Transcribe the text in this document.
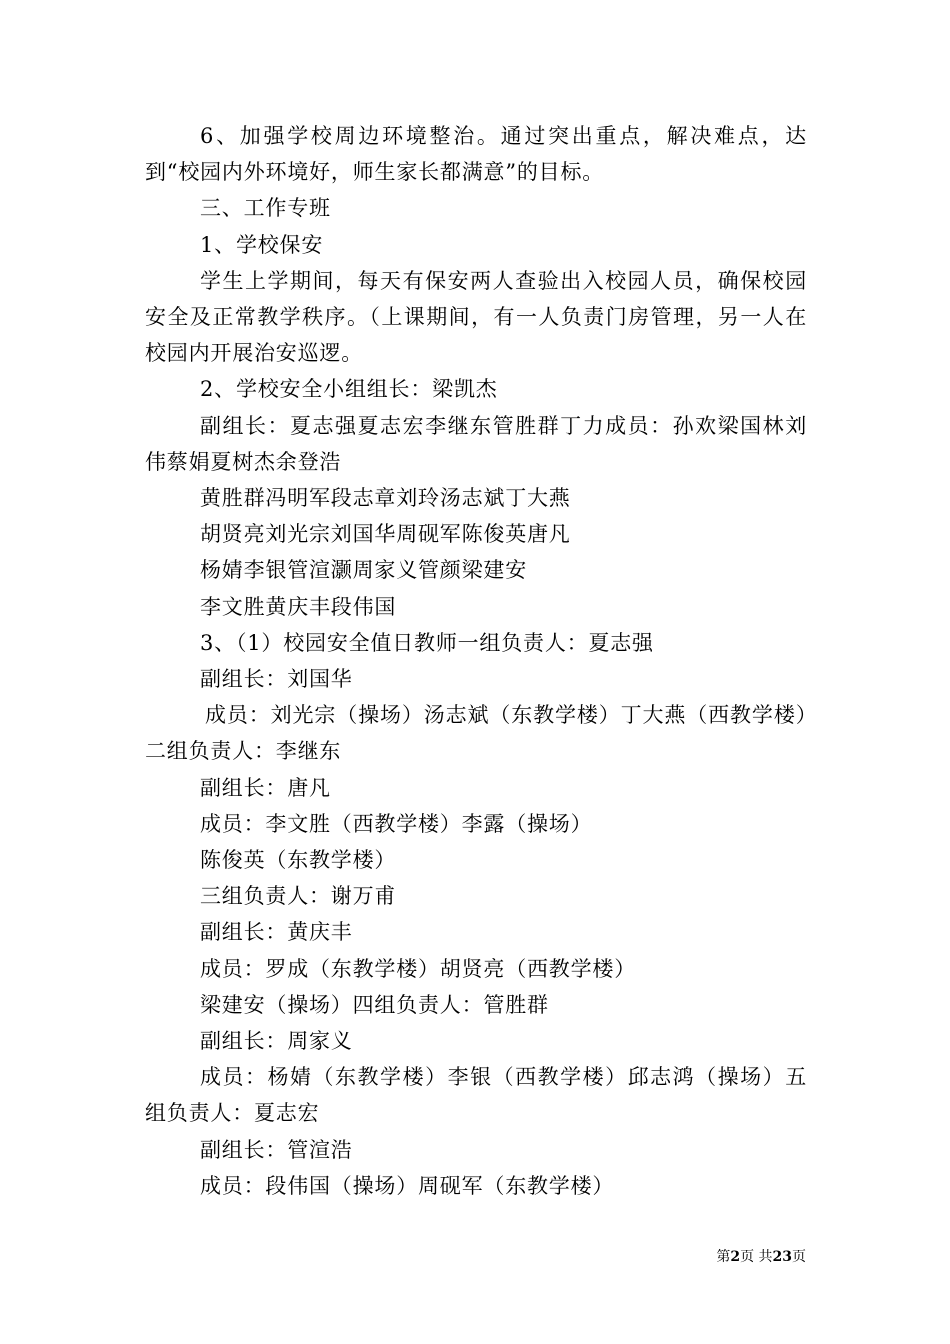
6、加强学校周边环境整治。通过突出重点，解决难点，达到“校园内外环境好，师生家长都满意”的目标。

三、工作专班

1、学校保安

学生上学期间，每天有保安两人查验出入校园人员，确保校园安全及正常教学秩序。（上课期间，有一人负责门房管理，另一人在校园内开展治安巡逻。

2、学校安全小组组长：梁凯杰

副组长：夏志强夏志宏李继东管胜群丁力成员：孙欢梁国林刘伟蔡娟夏树杰余登浩

黄胜群冯明军段志章刘玲汤志斌丁大燕

胡贤亮刘光宗刘国华周砚军陈俊英唐凡

杨婧李银管渲灏周家义管颜梁建安

李文胜黄庆丰段伟国

3、（1）校园安全值日教师一组负责人：夏志强

副组长：刘国华

成员：刘光宗（操场）汤志斌（东教学楼）丁大燕（西教学楼）二组负责人：李继东

副组长：唐凡

成员：李文胜（西教学楼）李露（操场）

陈俊英（东教学楼）

三组负责人：谢万甫

副组长：黄庆丰

成员：罗成（东教学楼）胡贤亮（西教学楼）

梁建安（操场）四组负责人：管胜群

副组长：周家义

成员：杨婧（东教学楼）李银（西教学楼）邱志鸿（操场）五组负责人：夏志宏

副组长：管渲浩

成员：段伟国（操场）周砚军（东教学楼）

第2页 共23页
